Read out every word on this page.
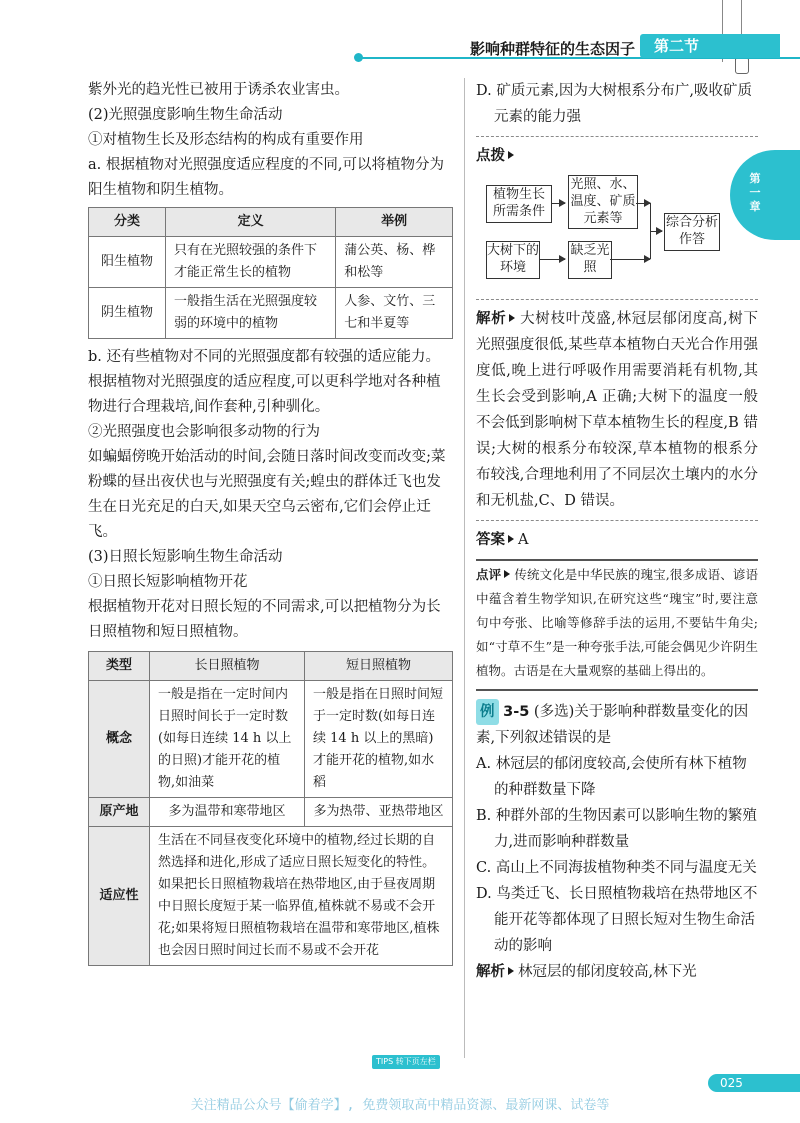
影响种群特征的生态因子	第二节
第一章

紫外光的趋光性已被用于诱杀农业害虫。

(2)光照强度影响生物生命活动

①对植物生长及形态结构的构成有重要作用

a. 根据植物对光照强度适应程度的不同,可以将植物分为阳生植物和阴生植物。

分类	定义	举例
阳生植物	只有在光照较强的条件下才能正常生长的植物	蒲公英、杨、桦和松等
阴生植物	一般指生活在光照强度较弱的环境中的植物	人参、文竹、三七和半夏等

b. 还有些植物对不同的光照强度都有较强的适应能力。根据植物对光照强度的适应程度,可以更科学地对各种植物进行合理栽培,间作套种,引种驯化。

②光照强度也会影响很多动物的行为

如蝙蝠傍晚开始活动的时间,会随日落时间改变而改变;菜粉蝶的昼出夜伏也与光照强度有关;蝗虫的群体迁飞也发生在日光充足的白天,如果天空乌云密布,它们会停止迁飞。

(3)日照长短影响生物生命活动

①日照长短影响植物开花

根据植物开花对日照长短的不同需求,可以把植物分为长日照植物和短日照植物。

类型	长日照植物	短日照植物
概念	一般是指在一定时间内日照时间长于一定时数(如每日连续 14 h 以上的日照)才能开花的植物,如油菜	一般是指在日照时间短于一定时数(如每日连续 14 h 以上的黑暗)才能开花的植物,如水稻
原产地	多为温带和寒带地区	多为热带、亚热带地区
适应性	生活在不同昼夜变化环境中的植物,经过长期的自然选择和进化,形成了适应日照长短变化的特性。如果把长日照植物栽培在热带地区,由于昼夜周期中日照长度短于某一临界值,植株就不易或不会开花;如果将短日照植物栽培在温带和寒带地区,植株也会因日照时间过长而不易或不会开花	

D. 矿质元素,因为大树根系分布广,吸收矿质元素的能力强

点拨

植物生长所需条件
光照、水、温度、矿质元素等
大树下的环境
缺乏光照
综合分析作答

解析 大树枝叶茂盛,林冠层郁闭度高,树下光照强度很低,某些草本植物白天光合作用强度低,晚上进行呼吸作用需要消耗有机物,其生长会受到影响,A 正确;大树下的温度一般不会低到影响树下草本植物生长的程度,B 错误;大树的根系分布较深,草本植物的根系分布较浅,合理地利用了不同层次土壤内的水分和无机盐,C、D 错误。

答案 A

点评 传统文化是中华民族的瑰宝,很多成语、谚语中蕴含着生物学知识,在研究这些“瑰宝”时,要注意句中夸张、比喻等修辞手法的运用,不要钻牛角尖;如“寸草不生”是一种夸张手法,可能会偶见少许阴生植物。古语是在大量观察的基础上得出的。

例 3-5 (多选)关于影响种群数量变化的因素,下列叙述错误的是

A. 林冠层的郁闭度较高,会使所有林下植物的种群数量下降

B. 种群外部的生物因素可以影响生物的繁殖力,进而影响种群数量

C. 高山上不同海拔植物种类不同与温度无关

D. 鸟类迁飞、长日照植物栽培在热带地区不能开花等都体现了日照长短对生物生命活动的影响

解析 林冠层的郁闭度较高,林下光

TIPS 转下页左栏
025
关注精品公众号【偷着学】, 免费领取高中精品资源、最新网课、试卷等
